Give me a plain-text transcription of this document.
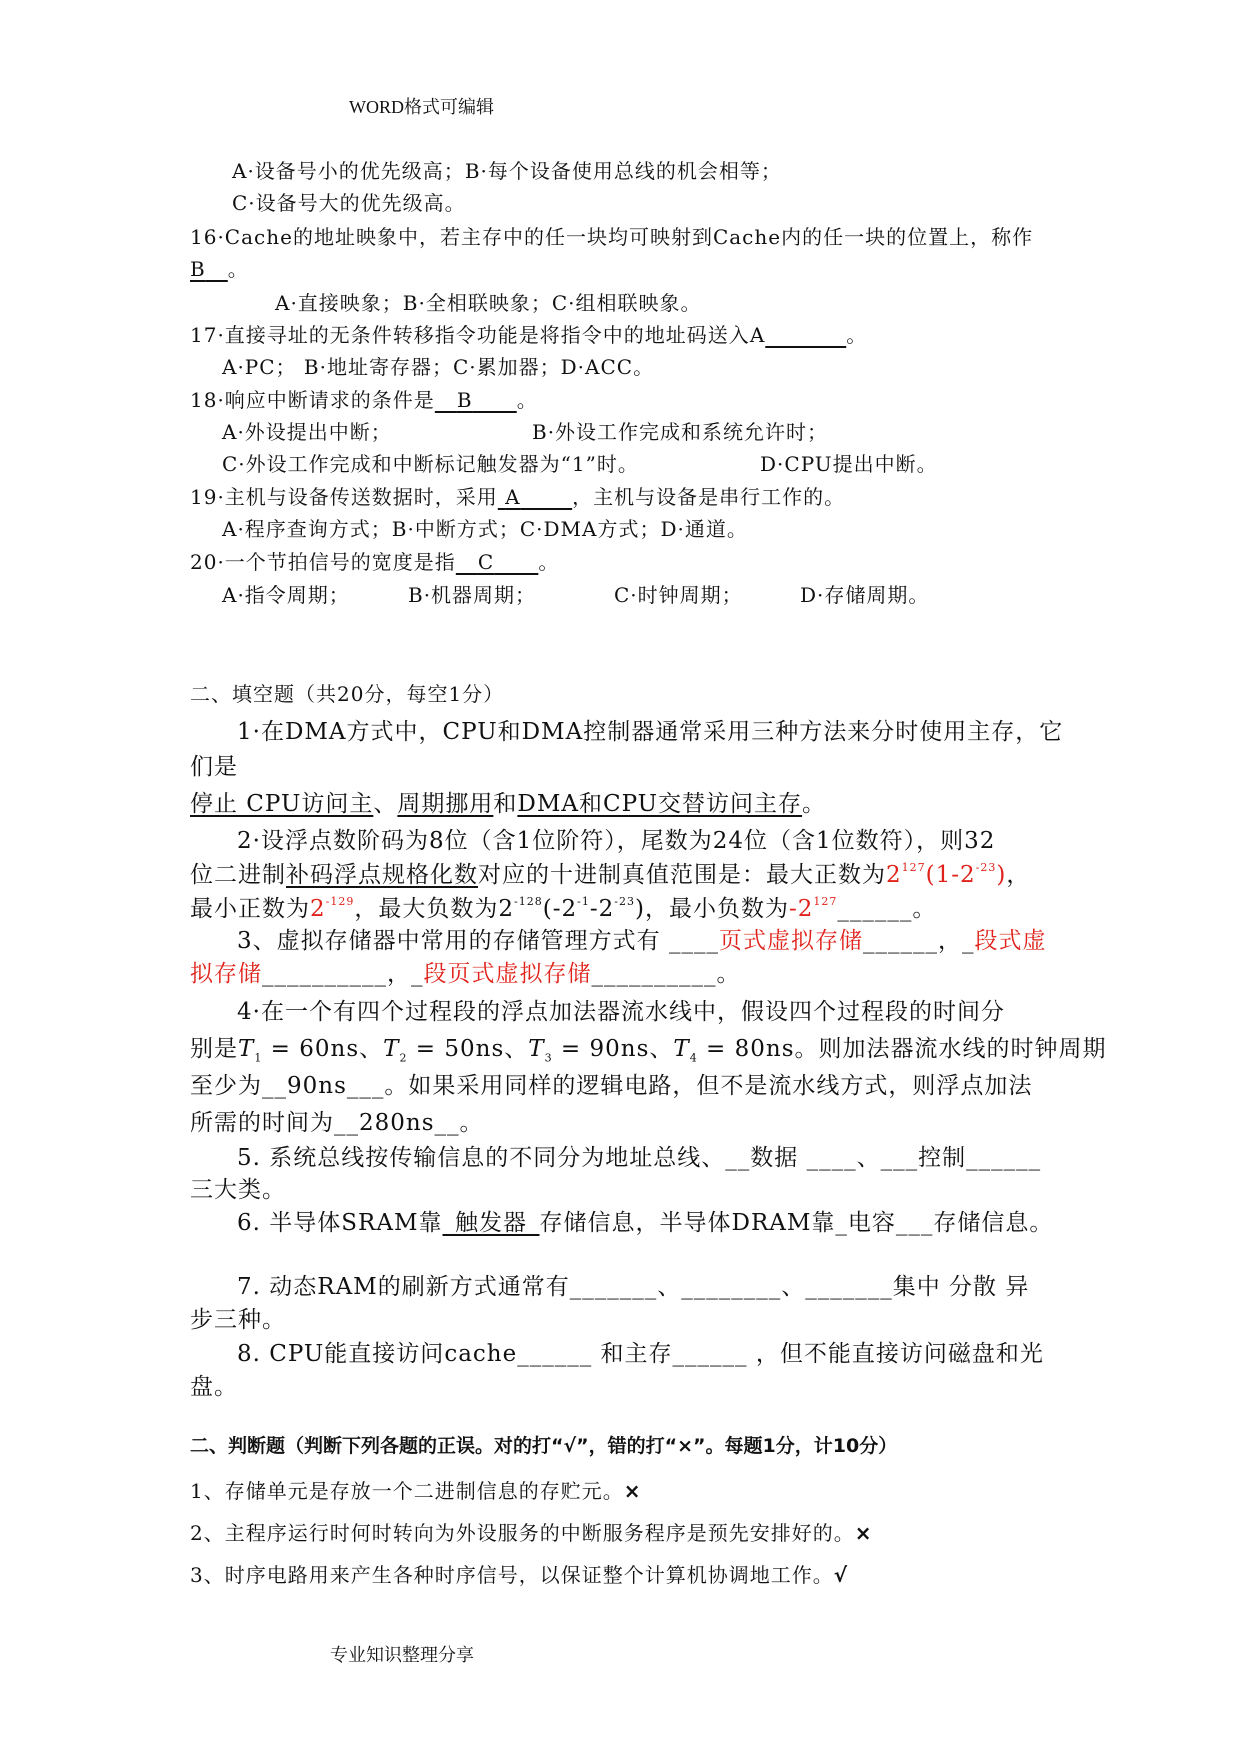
WORD格式可编辑
A·设备号小的优先级高；B·每个设备使用总线的机会相等；
C·设备号大的优先级高。
16·Cache的地址映象中，若主存中的任一块均可映射到Cache内的任一块的位置上，称作
B 。
A·直接映象；B·全相联映象；C·组相联映象。
17·直接寻址的无条件转移指令功能是将指令中的地址码送入A	。
A·PC； B·地址寄存器；C·累加器；D·ACC。
18·响应中断请求的条件是 B 。
A·外设提出中断；	B·外设工作完成和系统允许时；
C·外设工作完成和中断标记触发器为“1”时。	D·CPU提出中断。
19·主机与设备传送数据时，采用 A	，主机与设备是串行工作的。
A·程序查询方式；B·中断方式；C·DMA方式；D·通道。
20·一个节拍信号的宽度是指 C 。
A·指令周期；	B·机器周期；	C·时钟周期；	D·存储周期。
二、填空题（共20分，每空1分）
1·在DMA方式中，CPU和DMA控制器通常采用三种方法来分时使用主存，它
们是
停止 CPU访问主、周期挪用和DMA和CPU交替访问主存。
2·设浮点数阶码为8位（含1位阶符），尾数为24位（含1位数符），则32
位二进制补码浮点规格化数对应的十进制真值范围是：最大正数为$2^{127}(1-2^{-23})$，
最小正数为$2^{-129}$，最大负数为$2^{-128}(-2^{-1}-2^{-23})$，最小负数为$-2^{127}\_\_\_\_\_\_$。
3、虚拟存储器中常用的存储管理方式有 ____页式虚拟存储______，_段式虚
拟存储__________，_段页式虚拟存储__________。
4·在一个有四个过程段的浮点加法器流水线中，假设四个过程段的时间分
别是$T_1 = 60ns$、$T_2 = 50ns$、$T_3 = 90ns$、$T_4 = 80ns$。则加法器流水线的时钟周期
至少为__90ns___。如果采用同样的逻辑电路，但不是流水线方式，则浮点加法
所需的时间为__280ns__。
5. 系统总线按传输信息的不同分为地址总线、__数据 ____、___控制______
三大类。
6. 半导体SRAM靠_触发器_存储信息，半导体DRAM靠_电容___存储信息。
7. 动态RAM的刷新方式通常有_______、________、_______集中 分散 异
步三种。
8. CPU能直接访问cache______ 和主存______ ，但不能直接访问磁盘和光
盘。
二、判断题（判断下列各题的正误。对的打“√”，错的打“×”。每题1分，计10分）
1、存储单元是存放一个二进制信息的存贮元。×
2、主程序运行时何时转向为外设服务的中断服务程序是预先安排好的。×
3、时序电路用来产生各种时序信号，以保证整个计算机协调地工作。√
专业知识整理分享
